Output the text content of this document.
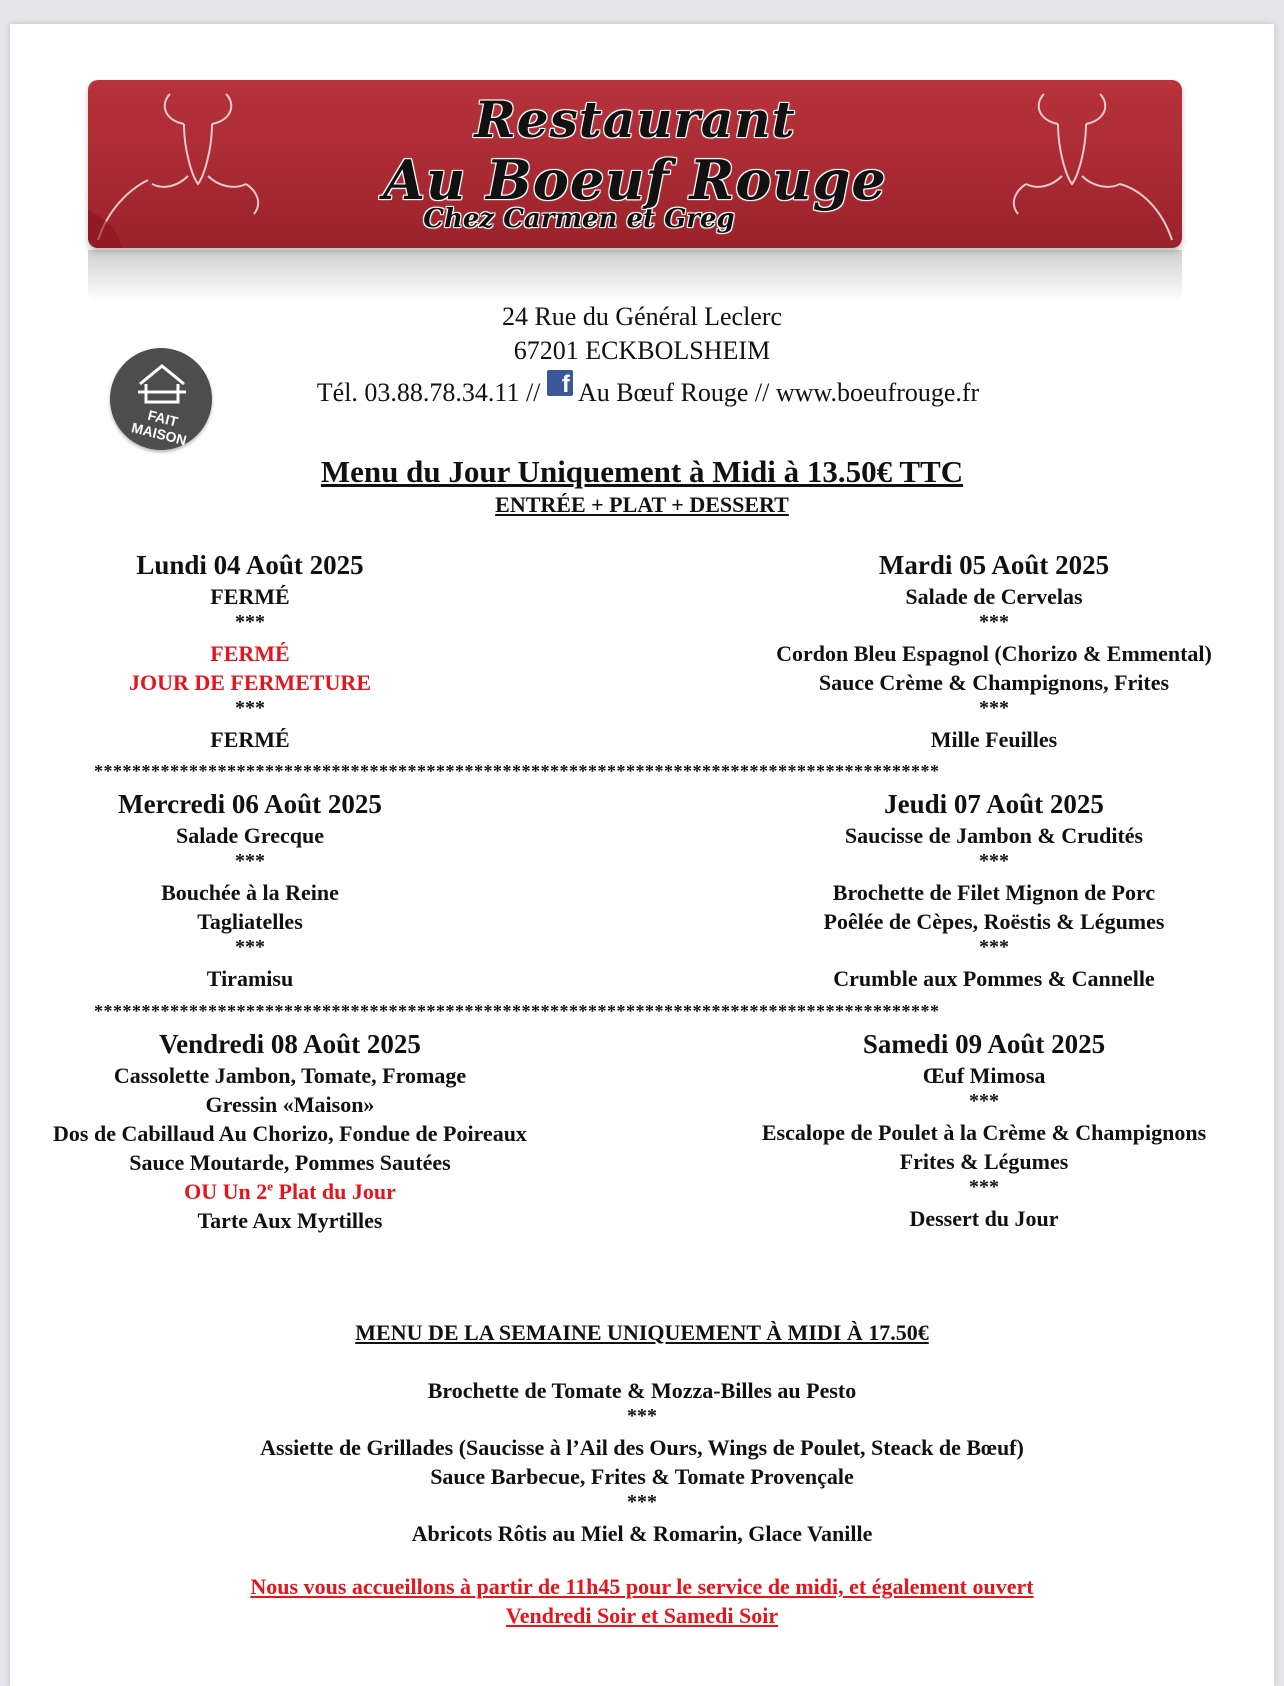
Restaurant
Au Boeuf Rouge
Chez Carmen et Greg
24 Rue du Général Leclerc
67201 ECKBOLSHEIM
Tél. 03.88.78.34.11 // f Au Bœuf Rouge // www.boeufrouge.fr
FAIT MAISON
Menu du Jour Uniquement à Midi à 13.50€ TTC
ENTRÉE + PLAT + DESSERT
Lundi 04 Août 2025
FERMÉ
***
FERMÉ
JOUR DE FERMETURE
***
FERMÉ
Mardi 05 Août 2025
Salade de Cervelas
***
Cordon Bleu Espagnol (Chorizo & Emmental)
Sauce Crème & Champignons, Frites
***
Mille Feuilles
*****************************************************************************************
Mercredi 06 Août 2025
Salade Grecque
***
Bouchée à la Reine
Tagliatelles
***
Tiramisu
Jeudi 07 Août 2025
Saucisse de Jambon & Crudités
***
Brochette de Filet Mignon de Porc
Poêlée de Cèpes, Roëstis & Légumes
***
Crumble aux Pommes & Cannelle
*****************************************************************************************
Vendredi 08 Août 2025
Cassolette Jambon, Tomate, Fromage
Gressin «Maison»
Dos de Cabillaud Au Chorizo, Fondue de Poireaux
Sauce Moutarde, Pommes Sautées
OU Un 2e Plat du Jour
Tarte Aux Myrtilles
Samedi 09 Août 2025
Œuf Mimosa
***
Escalope de Poulet à la Crème & Champignons
Frites & Légumes
***
Dessert du Jour
MENU DE LA SEMAINE UNIQUEMENT À MIDI À 17.50€
Brochette de Tomate & Mozza-Billes au Pesto
***
Assiette de Grillades (Saucisse à l’Ail des Ours, Wings de Poulet, Steack de Bœuf)
Sauce Barbecue, Frites & Tomate Provençale
***
Abricots Rôtis au Miel & Romarin, Glace Vanille
Nous vous accueillons à partir de 11h45 pour le service de midi, et également ouvert
Vendredi Soir et Samedi Soir
